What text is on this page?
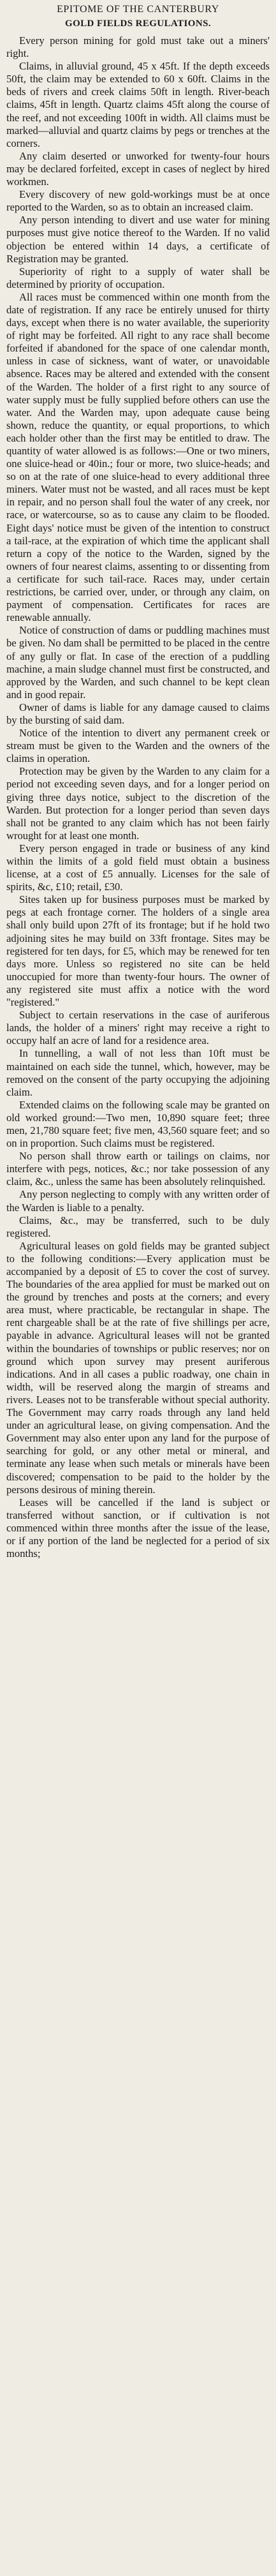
EPITOME OF THE CANTERBURY
GOLD FIELDS REGULATIONS.

Every person mining for gold must take out a miners' right.

Claims, in alluvial ground, 45 x 45ft. If the depth exceeds 50ft, the claim may be extended to 60 x 60ft. Claims in the beds of rivers and creek claims 50ft in length. River-beach claims, 45ft in length. Quartz claims 45ft along the course of the reef, and not exceeding 100ft in width. All claims must be marked—alluvial and quartz claims by pegs or trenches at the corners.

Any claim deserted or unworked for twenty-four hours may be declared forfeited, except in cases of neglect by hired workmen.

Every discovery of new gold-workings must be at once reported to the Warden, so as to obtain an increased claim.

Any person intending to divert and use water for mining purposes must give notice thereof to the Warden. If no valid objection be entered within 14 days, a certificate of Registration may be granted.

Superiority of right to a supply of water shall be determined by priority of occupation.

All races must be commenced within one month from the date of registration. If any race be entirely unused for thirty days, except when there is no water available, the superiority of right may be forfeited. All right to any race shall become forfeited if abandoned for the space of one calendar month, unless in case of sickness, want of water, or unavoidable absence. Races may be altered and extended with the consent of the Warden. The holder of a first right to any source of water supply must be fully supplied before others can use the water. And the Warden may, upon adequate cause being shown, reduce the quantity, or equal proportions, to which each holder other than the first may be entitled to draw. The quantity of water allowed is as follows:—One or two miners, one sluice-head or 40in.; four or more, two sluice-heads; and so on at the rate of one sluice-head to every additional three miners. Water must not be wasted, and all races must be kept in repair, and no person shall foul the water of any creek, nor race, or watercourse, so as to cause any claim to be flooded. Eight days' notice must be given of the intention to construct a tail-race, at the expiration of which time the applicant shall return a copy of the notice to the Warden, signed by the owners of four nearest claims, assenting to or dissenting from a certificate for such tail-race. Races may, under certain restrictions, be carried over, under, or through any claim, on payment of compensation. Certificates for races are renewable annually.

Notice of construction of dams or puddling machines must be given. No dam shall be permitted to be placed in the centre of any gully or flat. In case of the erection of a puddling machine, a main sludge channel must first be constructed, and approved by the Warden, and such channel to be kept clean and in good repair.

Owner of dams is liable for any damage caused to claims by the bursting of said dam.

Notice of the intention to divert any permanent creek or stream must be given to the Warden and the owners of the claims in operation.

Protection may be given by the Warden to any claim for a period not exceeding seven days, and for a longer period on giving three days notice, subject to the discretion of the Warden. But protection for a longer period than seven days shall not be granted to any claim which has not been fairly wrought for at least one month.

Every person engaged in trade or business of any kind within the limits of a gold field must obtain a business license, at a cost of £5 annually. Licenses for the sale of spirits, &c, £10; retail, £30.

Sites taken up for business purposes must be marked by pegs at each frontage corner. The holders of a single area shall only build upon 27ft of its frontage; but if he hold two adjoining sites he may build on 33ft frontage. Sites may be registered for ten days, for £5, which may be renewed for ten days more. Unless so registered no site can be held unoccupied for more than twenty-four hours. The owner of any registered site must affix a notice with the word "registered."

Subject to certain reservations in the case of auriferous lands, the holder of a miners' right may receive a right to occupy half an acre of land for a residence area.

In tunnelling, a wall of not less than 10ft must be maintained on each side the tunnel, which, however, may be removed on the consent of the party occupying the adjoining claim.

Extended claims on the following scale may be granted on old worked ground:—Two men, 10,890 square feet; three men, 21,780 square feet; five men, 43,560 square feet; and so on in proportion. Such claims must be registered.

No person shall throw earth or tailings on claims, nor interfere with pegs, notices, &c.; nor take possession of any claim, &c., unless the same has been absolutely relinquished.

Any person neglecting to comply with any written order of the Warden is liable to a penalty.

Claims, &c., may be transferred, such to be duly registered.

Agricultural leases on gold fields may be granted subject to the following conditions:—Every application must be accompanied by a deposit of £5 to cover the cost of survey. The boundaries of the area applied for must be marked out on the ground by trenches and posts at the corners; and every area must, where practicable, be rectangular in shape. The rent chargeable shall be at the rate of five shillings per acre, payable in advance. Agricultural leases will not be granted within the boundaries of townships or public reserves; nor on ground which upon survey may present auriferous indications. And in all cases a public roadway, one chain in width, will be reserved along the margin of streams and rivers. Leases not to be transferable without special authority. The Government may carry roads through any land held under an agricultural lease, on giving compensation. And the Government may also enter upon any land for the purpose of searching for gold, or any other metal or mineral, and terminate any lease when such metals or minerals have been discovered; compensation to be paid to the holder by the persons desirous of mining therein.

Leases will be cancelled if the land is subject or transferred without sanction, or if cultivation is not commenced within three months after the issue of the lease, or if any portion of the land be neglected for a period of six months;
